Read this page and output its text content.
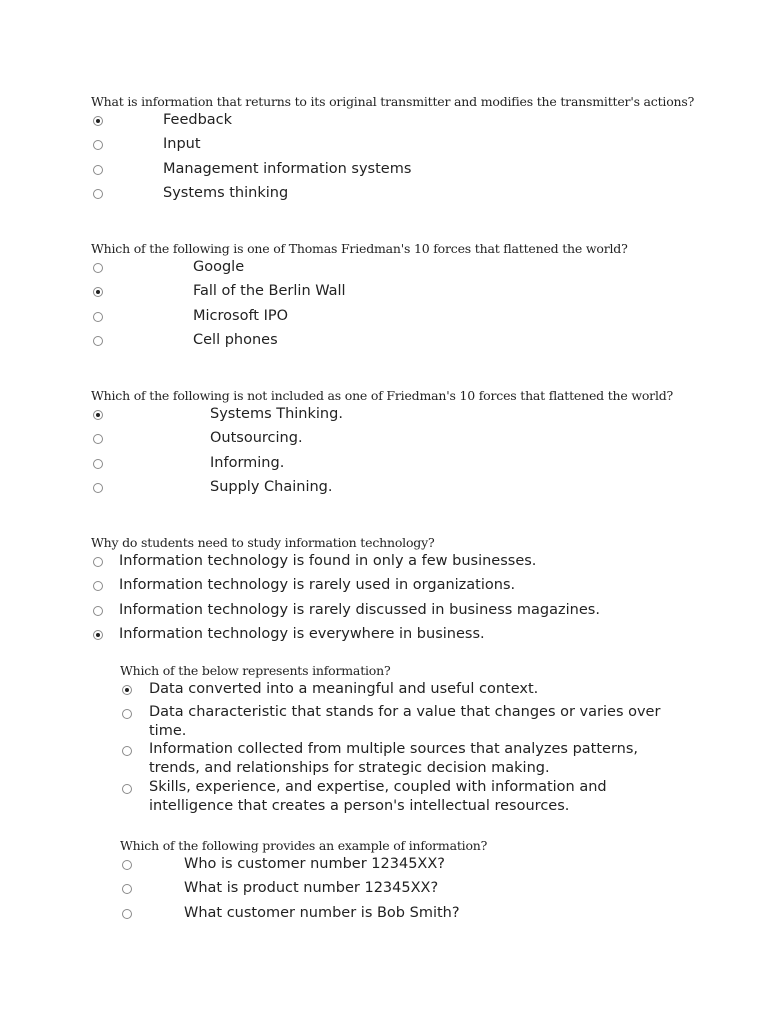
What is information that returns to its original transmitter and modifies the transmitter's actions?
Feedback
Input
Management information systems
Systems thinking
Which of the following is one of Thomas Friedman's 10 forces that flattened the world?
Google
Fall of the Berlin Wall
Microsoft IPO
Cell phones
Which of the following is not included as one of Friedman's 10 forces that flattened the world?
Systems Thinking.
Outsourcing.
Informing.
Supply Chaining.
Why do students need to study information technology?
Information technology is found in only a few businesses.
Information technology is rarely used in organizations.
Information technology is rarely discussed in business magazines.
Information technology is everywhere in business.
Which of the below represents information?
Data converted into a meaningful and useful context.
Data characteristic that stands for a value that changes or varies over time.
Information collected from multiple sources that analyzes patterns, trends, and relationships for strategic decision making.
Skills, experience, and expertise, coupled with information and intelligence that creates a person's intellectual resources.
Which of the following provides an example of information?
Who is customer number 12345XX?
What is product number 12345XX?
What customer number is Bob Smith?
